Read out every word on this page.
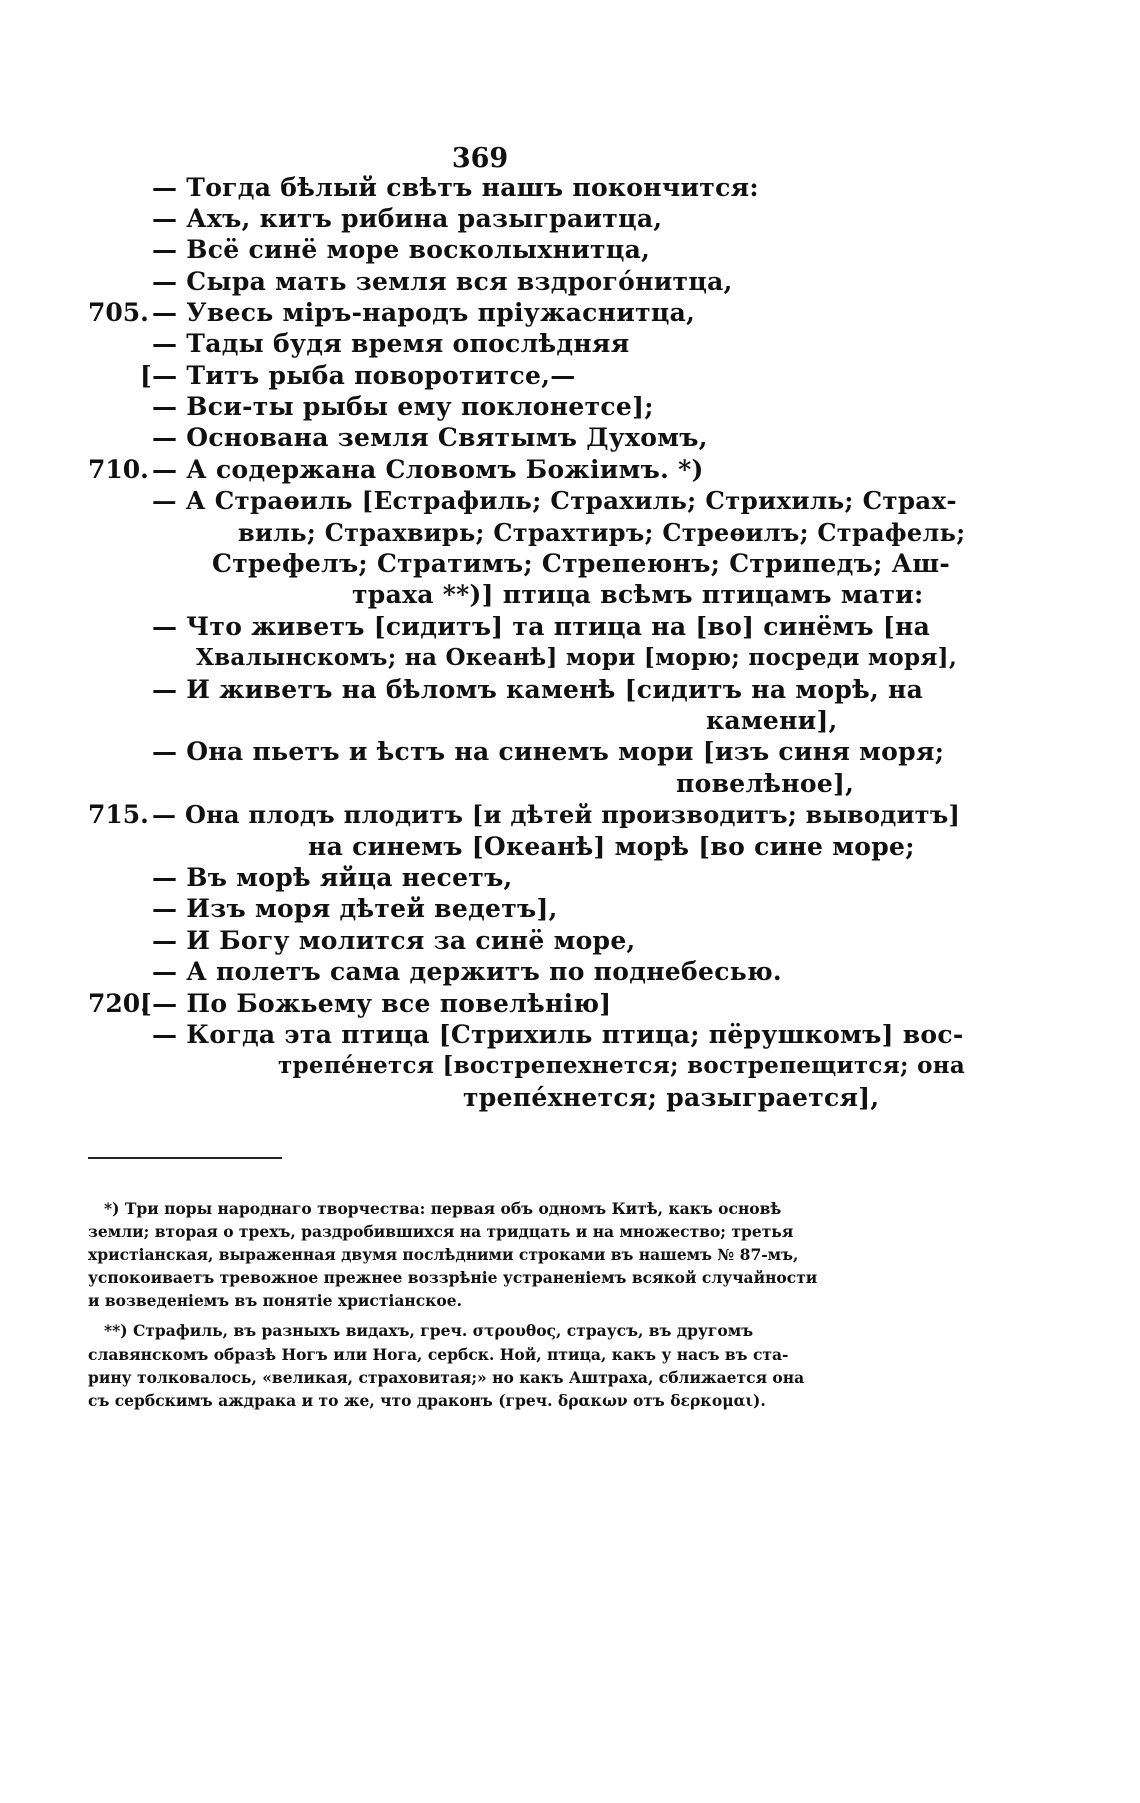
369
— Тогда бѣлый свѣтъ нашъ покончится:
— Ахъ, китъ рибина разыграитца,
— Всё синё море восколыхнитца,
— Сыра мать земля вся вздрогóнитца,
705. — Увесь мiръ-народъ прiужаснитца,
— Тады будя время опослѣдняя
[— Титъ рыба поворотитсе,—
— Вси-ты рыбы ему поклонетсе];
— Основана земля Святымъ Духомъ,
710. — А содержана Словомъ Божiимъ. *)
— А Страѳиль [Естрафиль; Страхиль; Стрихиль; Страх-
виль; Страхвирь; Страхтиръ; Стреѳилъ; Страфель;
Стрефелъ; Стратимъ; Стрепеюнъ; Стрипедъ; Аш-
траха **)] птица всѣмъ птицамъ мати:
— Что живетъ [сидитъ] та птица на [во] синёмъ [на
Хвалынскомъ; на Океанѣ] мори [морю; посреди моря],
— И живетъ на бѣломъ каменѣ [сидитъ на морѣ, на
камени],
— Она пьетъ и ѣстъ на синемъ мори [изъ синя моря;
повелѣное],
715. — Она плодъ плодитъ [и дѣтей производитъ; выводитъ]
на синемъ [Океанѣ] морѣ [во сине море;
— Въ морѣ яйца несетъ,
— Изъ моря дѣтей ведетъ],
— И Богу молится за синё море,
— А полетъ сама держитъ по поднебесью.
720.
[— По Божьему все повелѣнiю]
— Когда эта птица [Стрихиль птица; пёрушкомъ] вос-
трепéнется [вострепехнется; вострепещится; она
трепéхнется; разыграется],
*) Три поры народнаго творчества: первая объ одномъ Китѣ, какъ основѣ
земли; вторая о трехъ, раздробившихся на тридцать и на множество; третья
христiанская, выраженная двумя послѣдними строками въ нашемъ № 87-мъ,
успокоиваетъ тревожное прежнее воззрѣнiе устраненiемъ всякой случайности
и возведенiемъ въ понятiе христiанское.
**) Страфиль, въ разныхъ видахъ, греч. στρουθος, страусъ, въ другомъ
славянскомъ образѣ Ногъ или Нога, сербск. Ной, птица, какъ у насъ въ ста-
рину толковалось, «великая, страховитая;» но какъ Аштраха, сближается она
съ сербскимъ аждрака и то же, что драконъ (греч. δρακων отъ δερκομαι).
